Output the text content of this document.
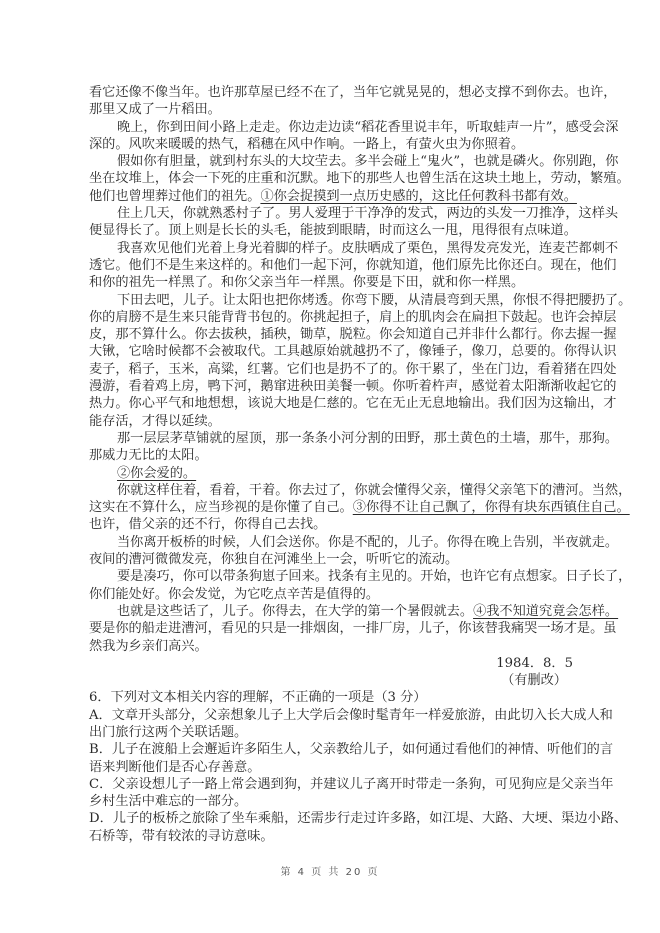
看它还像不像当年。也许那草屋已经不在了，当年它就晃晃的，想必支撑不到你去。也许，
那里又成了一片稻田。
晚上，你到田间小路上走走。你边走边读“稻花香里说丰年，听取蛙声一片”，感受会深
深的。风吹来暖暖的热气，稻穗在风中作响。一路上，有萤火虫为你照着。
假如你有胆量，就到村东头的大坟茔去。多半会碰上“鬼火”，也就是磷火。你别跑，你
坐在坟堆上，体会一下死的庄重和沉默。地下的那些人也曾生活在这块土地上，劳动，繁殖。
他们也曾埋葬过他们的祖先。①你会捉摸到一点历史感的，这比任何教科书都有效。
住上几天，你就熟悉村子了。男人爱理于干净净的发式，两边的头发一刀推净，这样头
便显得长了。顶上则是长长的头毛，能披到眼睛，时而这么一甩，甩得很有点味道。
我喜欢见他们光着上身光着脚的样子。皮肤晒成了栗色，黑得发亮发光，连麦芒都刺不
透它。他们不是生来这样的。和他们一起下河，你就知道，他们原先比你还白。现在，他们
和你的祖先一样黑了。和你父亲当年一样黑。你要是下田，就和你一样黑。
下田去吧，儿子。让太阳也把你烤透。你弯下腰，从清晨弯到天黑，你恨不得把腰扔了。
你的肩膀不是生来只能背背书包的。你挑起担子，肩上的肌肉会在扁担下鼓起。也许会掉层
皮，那不算什么。你去拔秧，插秧，锄草，脱粒。你会知道自己并非什么都行。你去握一握
大锹，它啥时候都不会被取代。工具越原始就越扔不了，像锤子，像刀，总要的。你得认识
麦子，稻子，玉米，高粱，红薯。它们也是扔不了的。你干累了，坐在门边，看着猪在四处
漫游，看着鸡上房，鸭下河，鹅窜进秧田美餐一顿。你听着杵声，感觉着太阳渐渐收起它的
热力。你心平气和地想想，该说大地是仁慈的。它在无止无息地输出。我们因为这输出，才
能存活，才得以延续。
那一层层茅草铺就的屋顶，那一条条小河分割的田野，那土黄色的土墙，那牛，那狗。
那威力无比的太阳。
②你会爱的。
你就这样住着，看着，干着。你去过了，你就会懂得父亲，懂得父亲笔下的漕河。当然，
这实在不算什么，应当珍视的是你懂了自己。③你得不让自己飘了，你得有块东西镇住自己。
也许，借父亲的还不行，你得自己去找。
当你离开板桥的时候，人们会送你。你是不配的，儿子。你得在晚上告别，半夜就走。
夜间的漕河微微发亮，你独自在河滩坐上一会，听听它的流动。
要是凑巧，你可以带条狗崽子回来。找条有主见的。开始，也许它有点想家。日子长了，
你们能处好。你会发觉，为它吃点辛苦是值得的。
也就是这些话了，儿子。你得去，在大学的第一个暑假就去。④我不知道究竟会怎样。
要是你的船走进漕河，看见的只是一排烟囱，一排厂房，儿子，你该替我痛哭一场才是。虽
然我为乡亲们高兴。
1984．8．5
（有删改）
6．下列对文本相关内容的理解，不正确的一项是（3 分）
A．文章开头部分，父亲想象儿子上大学后会像时髦青年一样爱旅游，由此切入长大成人和
出门旅行这两个关联话题。
B．儿子在渡船上会邂逅许多陌生人，父亲教给儿子，如何通过看他们的神情、听他们的言
语来判断他们是否心存善意。
C．父亲设想儿子一路上常会遇到狗，并建议儿子离开时带走一条狗，可见狗应是父亲当年
乡村生活中难忘的一部分。
D．儿子的板桥之旅除了坐车乘船，还需步行走过许多路，如江堤、大路、大埂、渠边小路、
石桥等，带有较浓的寻访意味。
第 4 页 共 20 页
